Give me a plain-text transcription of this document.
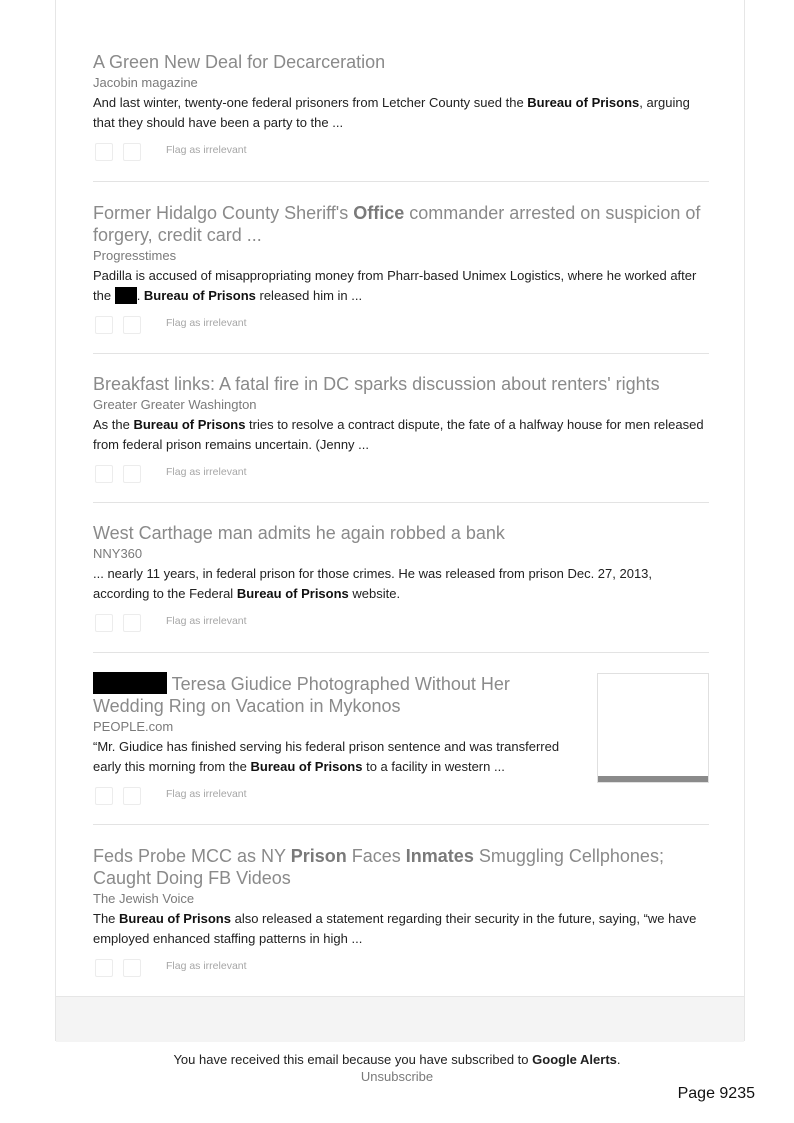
A Green New Deal for Decarceration
Jacobin magazine
And last winter, twenty-one federal prisoners from Letcher County sued the Bureau of Prisons, arguing that they should have been a party to the ...
Flag as irrelevant
Former Hidalgo County Sheriff's Office commander arrested on suspicion of forgery, credit card ...
Progresstimes
Padilla is accused of misappropriating money from Pharr-based Unimex Logistics, where he worked after the . Bureau of Prisons released him in ...
Flag as irrelevant
Breakfast links: A fatal fire in DC sparks discussion about renters' rights
Greater Greater Washington
As the Bureau of Prisons tries to resolve a contract dispute, the fate of a halfway house for men released from federal prison remains uncertain. (Jenny ...
Flag as irrelevant
West Carthage man admits he again robbed a bank
NNY360
... nearly 11 years, in federal prison for those crimes. He was released from prison Dec. 27, 2013, according to the Federal Bureau of Prisons website.
Flag as irrelevant
Teresa Giudice Photographed Without Her Wedding Ring on Vacation in Mykonos
PEOPLE.com
“Mr. Giudice has finished serving his federal prison sentence and was transferred early this morning from the Bureau of Prisons to a facility in western ...
Flag as irrelevant
Feds Probe MCC as NY Prison Faces Inmates Smuggling Cellphones; Caught Doing FB Videos
The Jewish Voice
The Bureau of Prisons also released a statement regarding their security in the future, saying, “we have employed enhanced staffing patterns in high ...
Flag as irrelevant
You have received this email because you have subscribed to Google Alerts.
Unsubscribe
Page 9235
